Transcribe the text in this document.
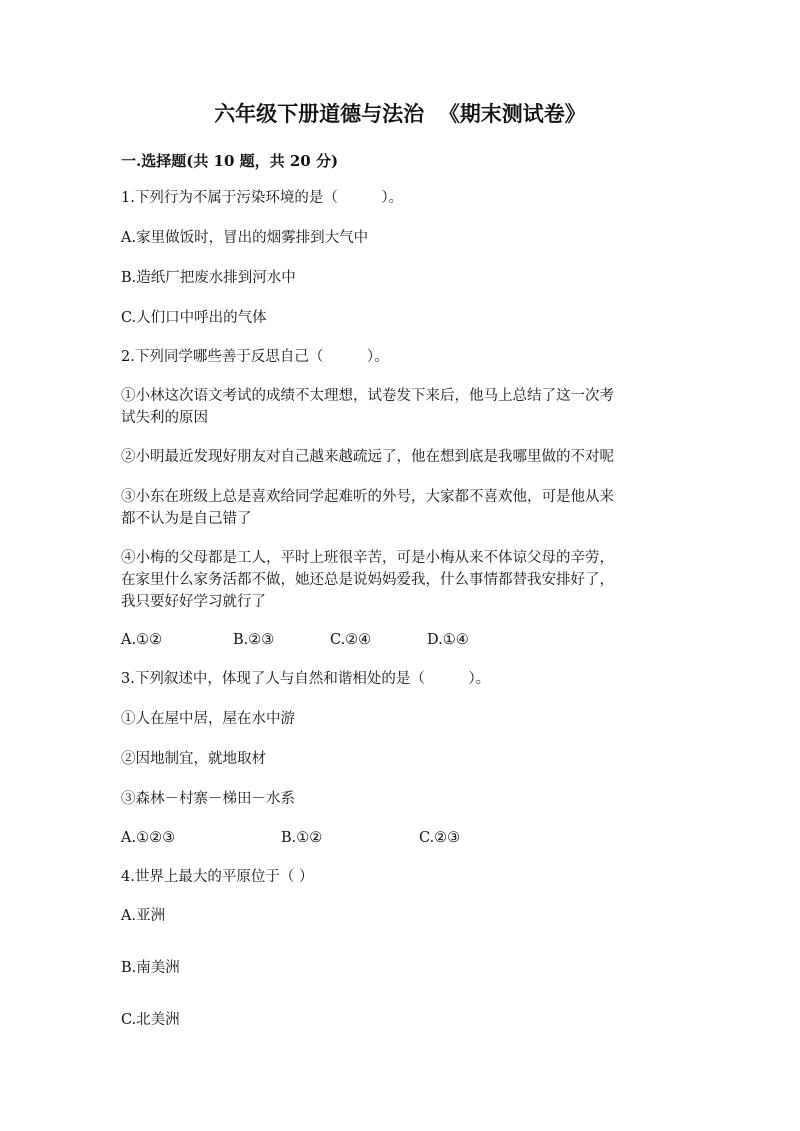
六年级下册道德与法治  《期末测试卷》
一.选择题(共 10 题，共 20 分)
1.下列行为不属于污染环境的是（　　　）。
A.家里做饭时，冒出的烟雾排到大气中
B.造纸厂把废水排到河水中
C.人们口中呼出的气体
2.下列同学哪些善于反思自己（　　　）。
①小林这次语文考试的成绩不太理想，试卷发下来后，他马上总结了这一次考
试失利的原因
②小明最近发现好朋友对自己越来越疏远了，他在想到底是我哪里做的不对呢
③小东在班级上总是喜欢给同学起难听的外号，大家都不喜欢他，可是他从来
都不认为是自己错了
④小梅的父母都是工人，平时上班很辛苦，可是小梅从来不体谅父母的辛劳，
在家里什么家务活都不做，她还总是说妈妈爱我，什么事情都替我安排好了，
我只要好好学习就行了
A.①②	B.②③	C.②④	D.①④
3.下列叙述中，体现了人与自然和谐相处的是（　　　）。
①人在屋中居，屋在水中游
②因地制宜，就地取材
③森林－村寨－梯田－水系
A.①②③	B.①②	C.②③
4.世界上最大的平原位于（ ）
A.亚洲
B.南美洲
C.北美洲
